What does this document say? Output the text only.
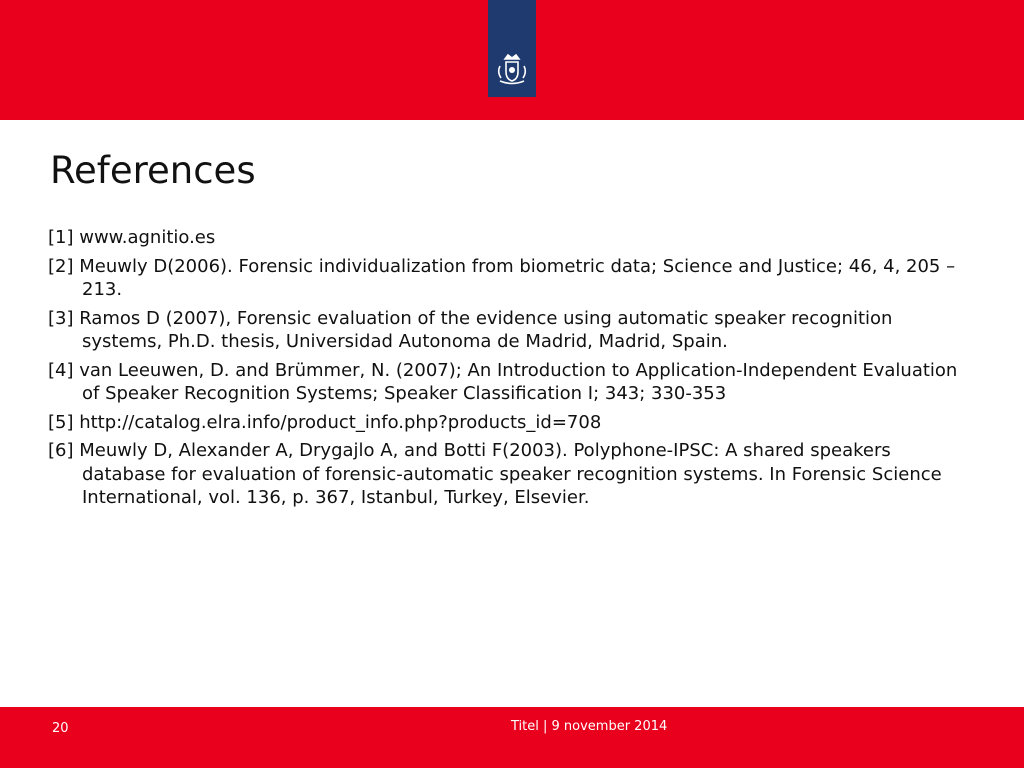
References
[1] www.agnitio.es
[2] Meuwly D(2006). Forensic individualization from biometric data; Science and Justice; 46, 4, 205 – 213.
[3] Ramos D (2007), Forensic evaluation of the evidence using automatic speaker recognition systems, Ph.D. thesis, Universidad Autonoma de Madrid, Madrid, Spain.
[4] van Leeuwen, D. and Brümmer, N. (2007); An Introduction to Application-Independent Evaluation of Speaker Recognition Systems; Speaker Classification I; 343; 330-353
[5] http://catalog.elra.info/product_info.php?products_id=708
[6] Meuwly D, Alexander A, Drygajlo A, and Botti F(2003). Polyphone-IPSC: A shared speakers database for evaluation of forensic-automatic speaker recognition systems. In Forensic Science International, vol. 136, p. 367, Istanbul, Turkey, Elsevier.
20	Titel | 9 november 2014
